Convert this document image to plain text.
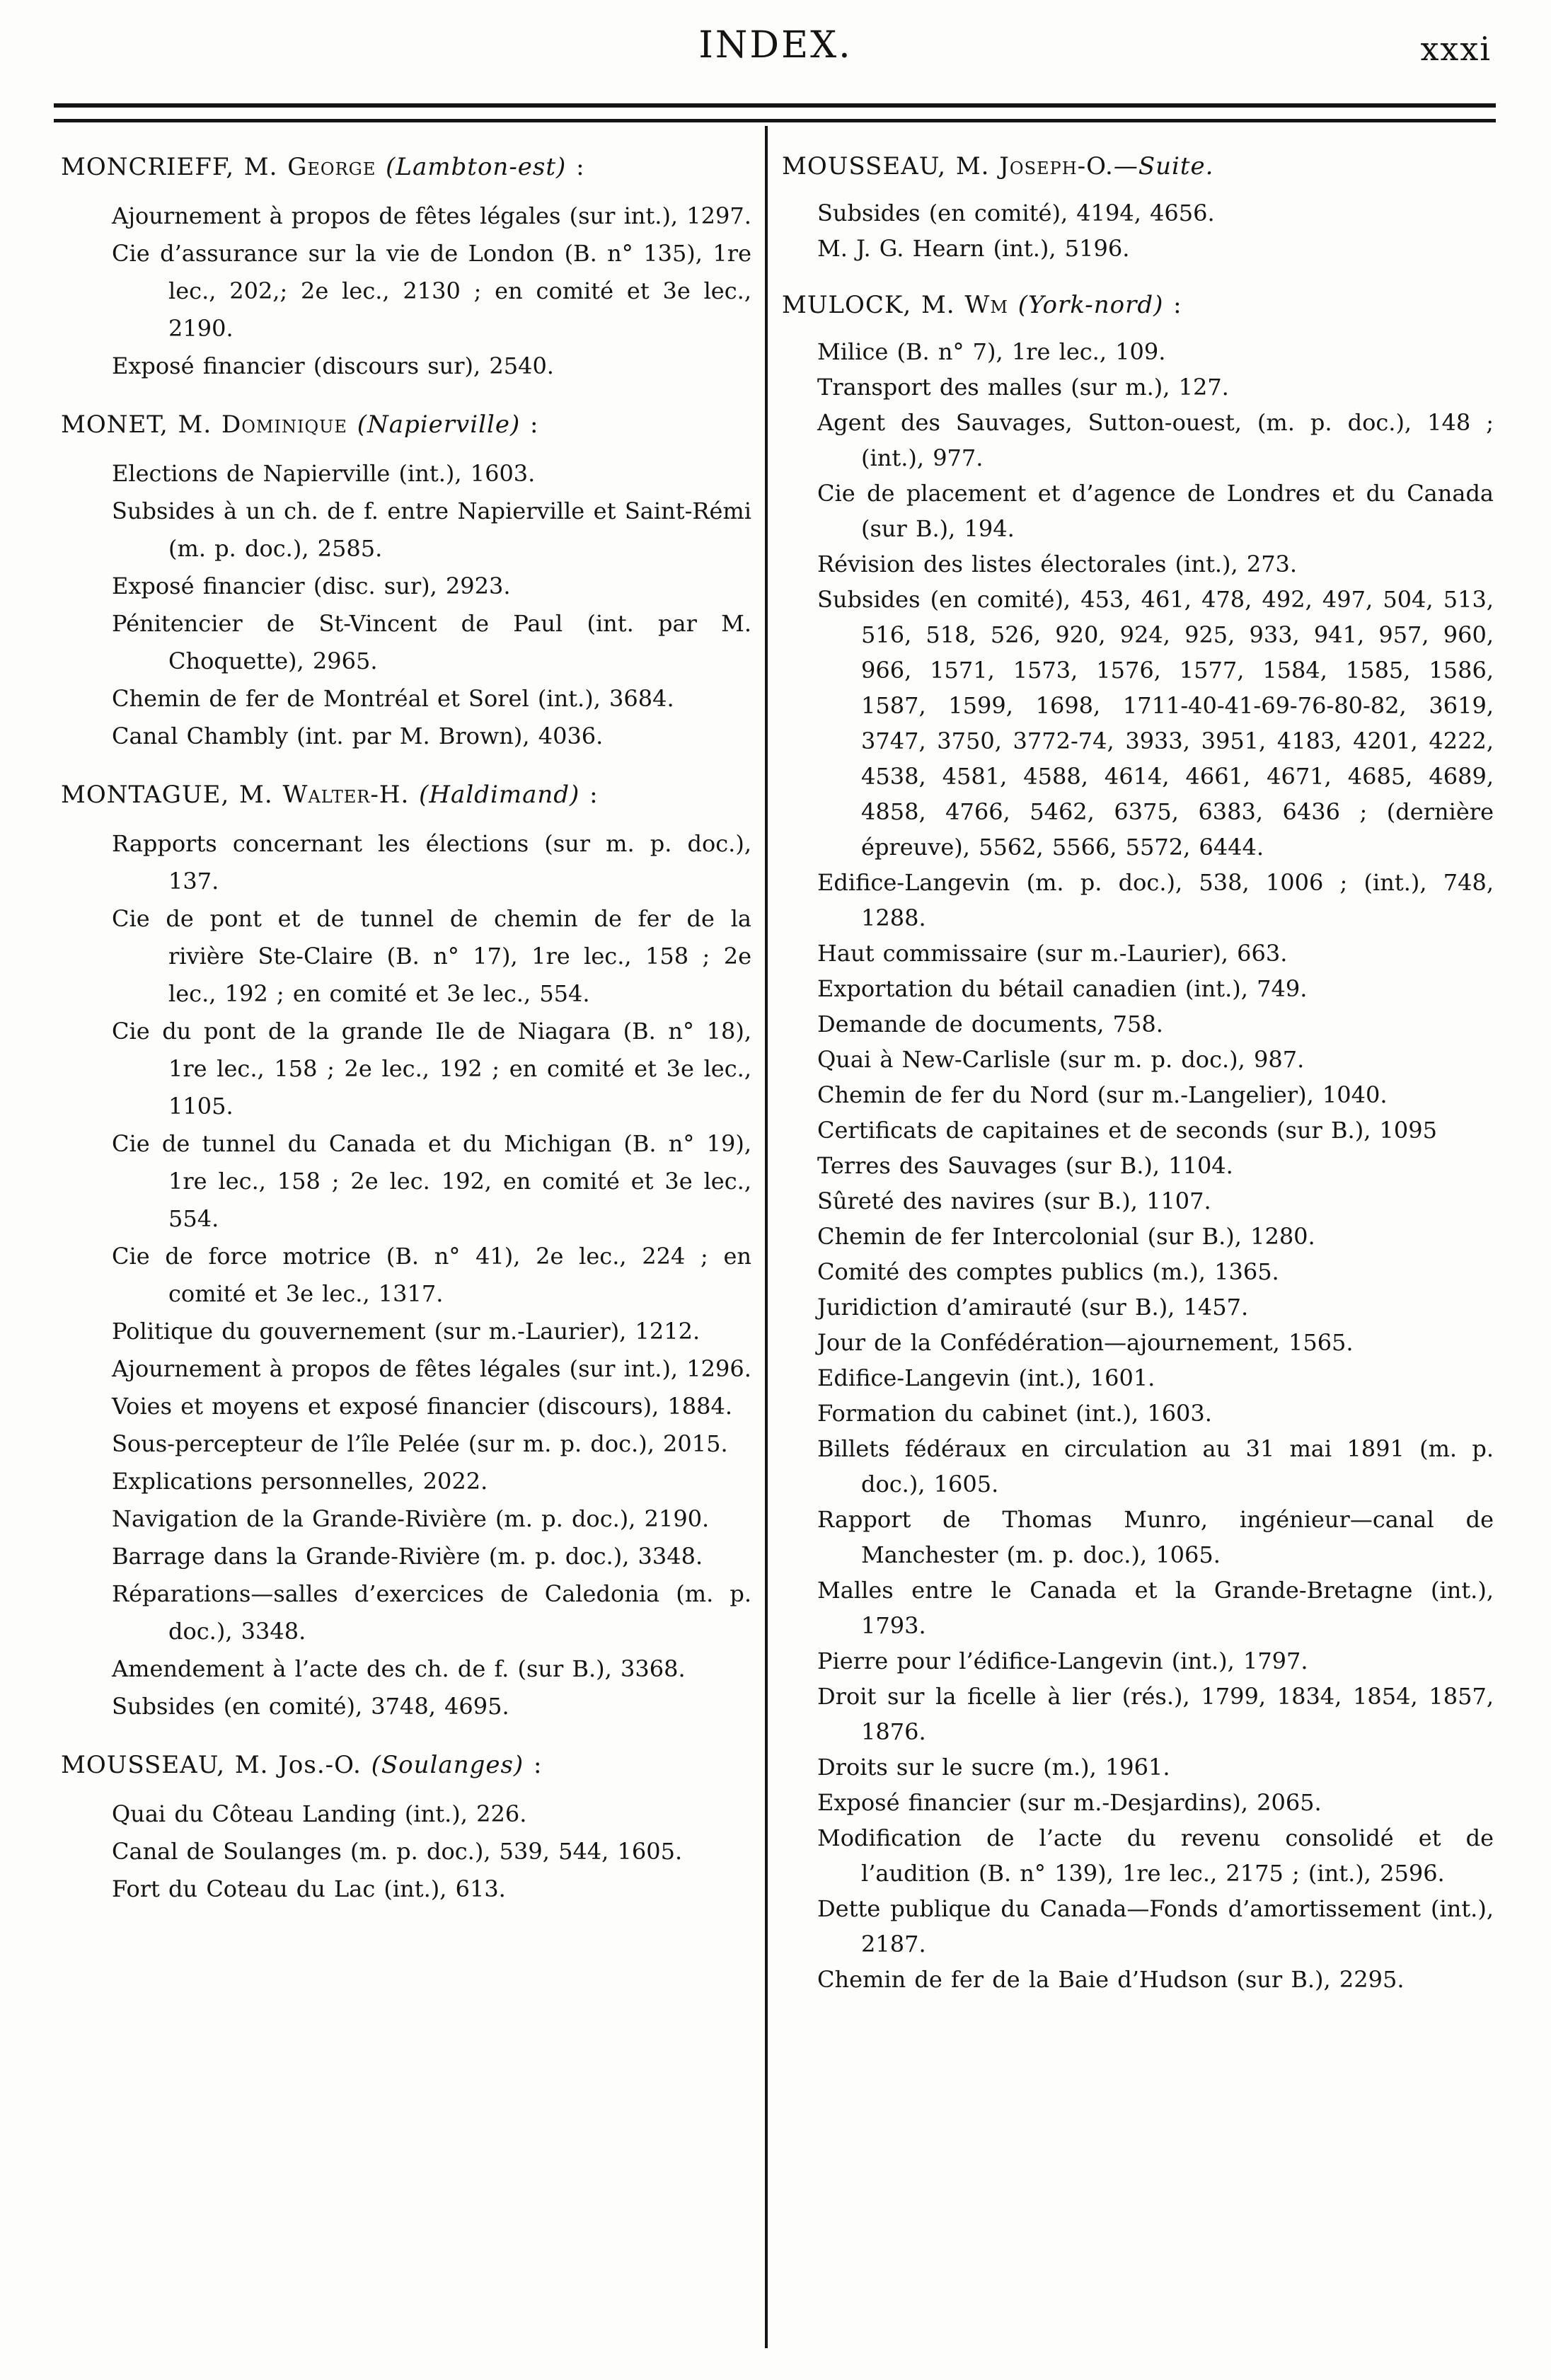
INDEX.	xxxi

MONCRIEFF, M. George (Lambton-est) :

Ajournement à propos de fêtes légales (sur int.), 1297.

Cie d’assurance sur la vie de London (B. n° 135), 1re lec., 202,; 2e lec., 2130 ; en comité et 3e lec., 2190.

Exposé financier (discours sur), 2540.

MONET, M. Dominique (Napierville) :

Elections de Napierville (int.), 1603.

Subsides à un ch. de f. entre Napierville et Saint-Rémi (m. p. doc.), 2585.

Exposé financier (disc. sur), 2923.

Pénitencier de St-Vincent de Paul (int. par M. Choquette), 2965.

Chemin de fer de Montréal et Sorel (int.), 3684.

Canal Chambly (int. par M. Brown), 4036.

MONTAGUE, M. Walter-H. (Haldimand) :

Rapports concernant les élections (sur m. p. doc.), 137.

Cie de pont et de tunnel de chemin de fer de la rivière Ste-Claire (B. n° 17), 1re lec., 158 ; 2e lec., 192 ; en comité et 3e lec., 554.

Cie du pont de la grande Ile de Niagara (B. n° 18), 1re lec., 158 ; 2e lec., 192 ; en comité et 3e lec., 1105.

Cie de tunnel du Canada et du Michigan (B. n° 19), 1re lec., 158 ; 2e lec. 192, en comité et 3e lec., 554.

Cie de force motrice (B. n° 41), 2e lec., 224 ; en comité et 3e lec., 1317.

Politique du gouvernement (sur m.-Laurier), 1212.

Ajournement à propos de fêtes légales (sur int.), 1296.

Voies et moyens et exposé financier (discours), 1884.

Sous-percepteur de l’île Pelée (sur m. p. doc.), 2015.

Explications personnelles, 2022.

Navigation de la Grande-Rivière (m. p. doc.), 2190.

Barrage dans la Grande-Rivière (m. p. doc.), 3348.

Réparations—salles d’exercices de Caledonia (m. p. doc.), 3348.

Amendement à l’acte des ch. de f. (sur B.), 3368.

Subsides (en comité), 3748, 4695.

MOUSSEAU, M. Jos.-O. (Soulanges) :

Quai du Côteau Landing (int.), 226.

Canal de Soulanges (m. p. doc.), 539, 544, 1605.

Fort du Coteau du Lac (int.), 613.

MOUSSEAU, M. Joseph-O.—Suite.

Subsides (en comité), 4194, 4656.

M. J. G. Hearn (int.), 5196.

MULOCK, M. Wm (York-nord) :

Milice (B. n° 7), 1re lec., 109.

Transport des malles (sur m.), 127.

Agent des Sauvages, Sutton-ouest, (m. p. doc.), 148 ; (int.), 977.

Cie de placement et d’agence de Londres et du Canada (sur B.), 194.

Révision des listes électorales (int.), 273.

Subsides (en comité), 453, 461, 478, 492, 497, 504, 513, 516, 518, 526, 920, 924, 925, 933, 941, 957, 960, 966, 1571, 1573, 1576, 1577, 1584, 1585, 1586, 1587, 1599, 1698, 1711-40-41-69-76-80-82, 3619, 3747, 3750, 3772-74, 3933, 3951, 4183, 4201, 4222, 4538, 4581, 4588, 4614, 4661, 4671, 4685, 4689, 4858, 4766, 5462, 6375, 6383, 6436 ; (dernière épreuve), 5562, 5566, 5572, 6444.

Edifice-Langevin (m. p. doc.), 538, 1006 ; (int.), 748, 1288.

Haut commissaire (sur m.-Laurier), 663.

Exportation du bétail canadien (int.), 749.

Demande de documents, 758.

Quai à New-Carlisle (sur m. p. doc.), 987.

Chemin de fer du Nord (sur m.-Langelier), 1040.

Certificats de capitaines et de seconds (sur B.), 1095

Terres des Sauvages (sur B.), 1104.

Sûreté des navires (sur B.), 1107.

Chemin de fer Intercolonial (sur B.), 1280.

Comité des comptes publics (m.), 1365.

Juridiction d’amirauté (sur B.), 1457.

Jour de la Confédération—ajournement, 1565.

Edifice-Langevin (int.), 1601.

Formation du cabinet (int.), 1603.

Billets fédéraux en circulation au 31 mai 1891 (m. p. doc.), 1605.

Rapport de Thomas Munro, ingénieur—canal de Manchester (m. p. doc.), 1065.

Malles entre le Canada et la Grande-Bretagne (int.), 1793.

Pierre pour l’édifice-Langevin (int.), 1797.

Droit sur la ficelle à lier (rés.), 1799, 1834, 1854, 1857, 1876.

Droits sur le sucre (m.), 1961.

Exposé financier (sur m.-Desjardins), 2065.

Modification de l’acte du revenu consolidé et de l’audition (B. n° 139), 1re lec., 2175 ; (int.), 2596.

Dette publique du Canada—Fonds d’amortissement (int.), 2187.

Chemin de fer de la Baie d’Hudson (sur B.), 2295.
